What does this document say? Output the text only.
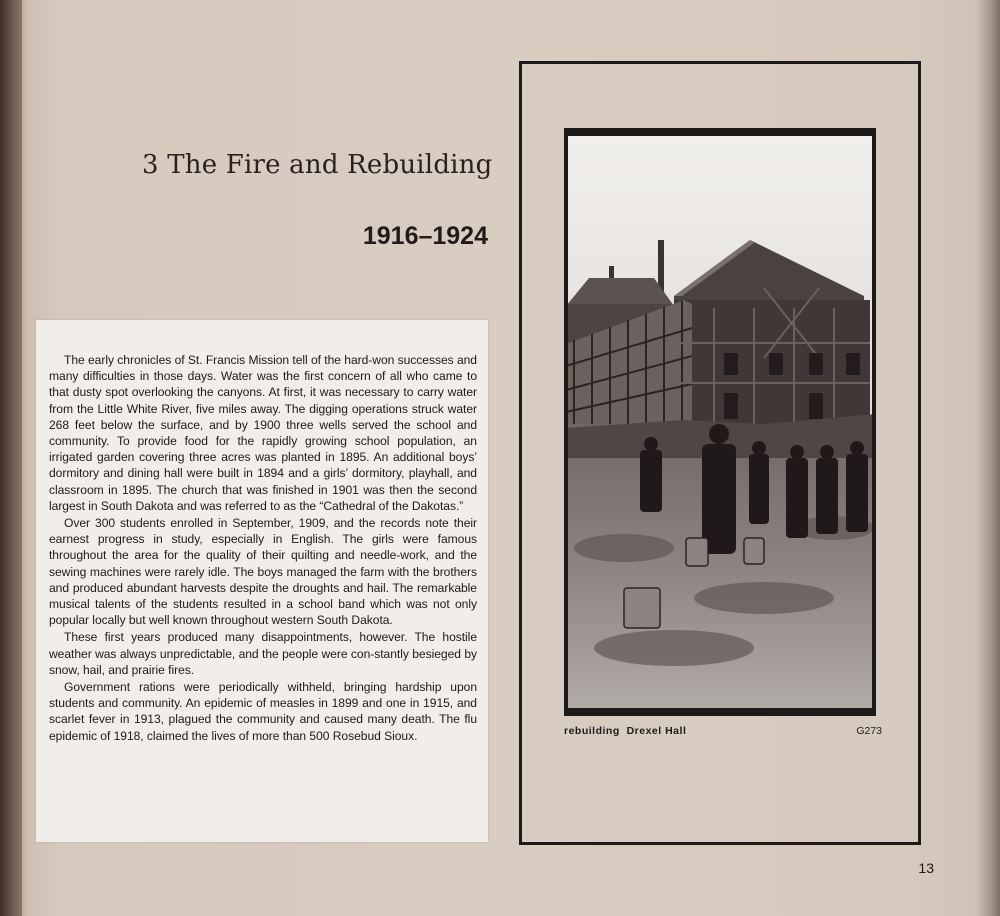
3 The Fire and Rebuilding
1916–1924

The early chronicles of St. Francis Mission tell of the hard-won successes and many difficulties in those days. Water was the first concern of all who came to that dusty spot overlooking the canyons. At first, it was necessary to carry water from the Little White River, five miles away. The digging operations struck water 268 feet below the surface, and by 1900 three wells served the school and community. To provide food for the rapidly growing school population, an irrigated garden covering three acres was planted in 1895. An additional boys’ dormitory and dining hall were built in 1894 and a girls’ dormitory, playhall, and classroom in 1895. The church that was finished in 1901 was then the second largest in South Dakota and was referred to as the “Cathedral of the Dakotas.”

Over 300 students enrolled in September, 1909, and the records note their earnest progress in study, especially in English. The girls were famous throughout the area for the quality of their quilting and needle-work, and the sewing machines were rarely idle. The boys managed the farm with the brothers and produced abundant harvests despite the droughts and hail. The remarkable musical talents of the students resulted in a school band which was not only popular locally but well known throughout western South Dakota.

These first years produced many disappointments, however. The hostile weather was always unpredictable, and the people were con-stantly besieged by snow, hail, and prairie fires.

Government rations were periodically withheld, bringing hardship upon students and community. An epidemic of measles in 1899 and one in 1915, and scarlet fever in 1913, plagued the community and caused many death. The flu epidemic of 1918, claimed the lives of more than 500 Rosebud Sioux.	rebuilding  Drexel Hall	G273
13
